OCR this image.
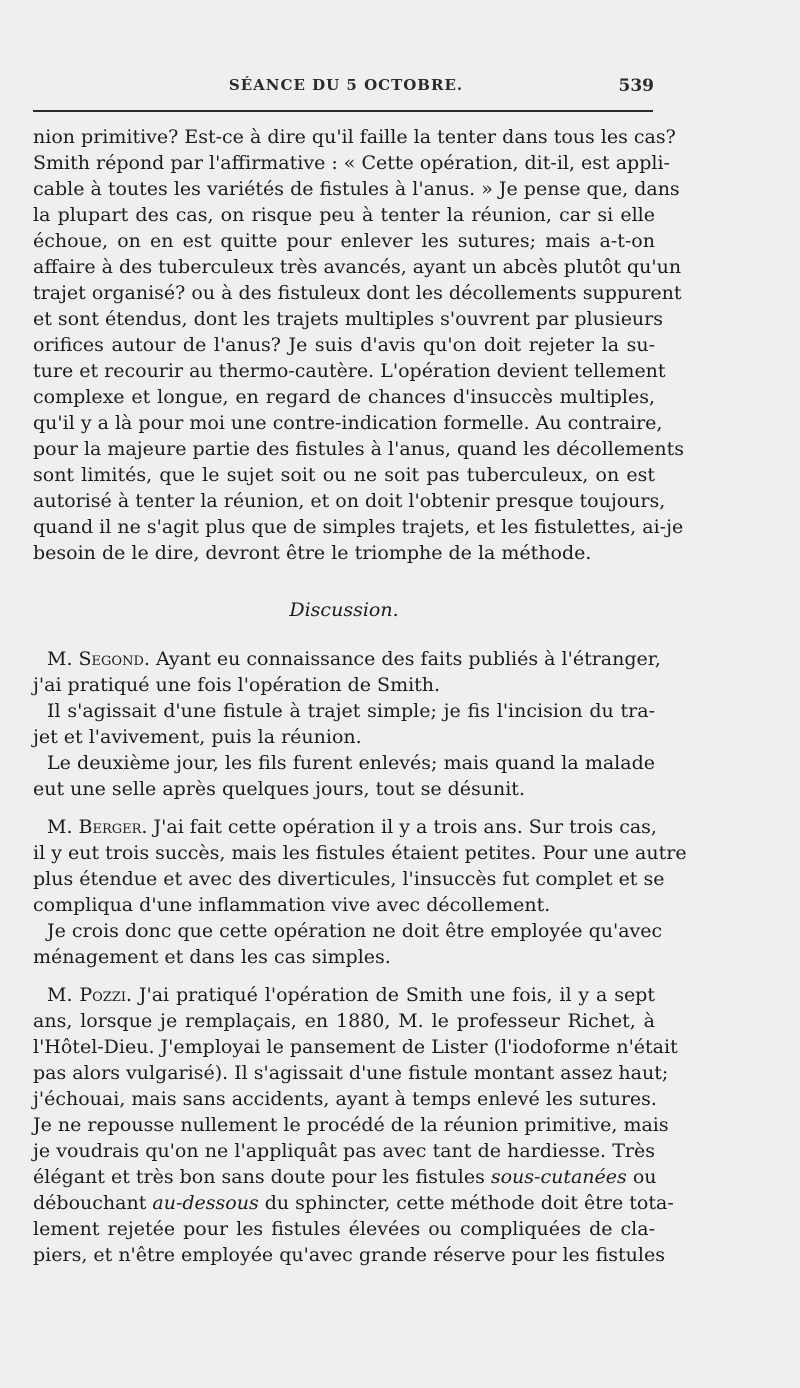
SÉANCE DU 5 OCTOBRE.	539
nion primitive? Est-ce à dire qu'il faille la tenter dans tous les cas?
Smith répond par l'affirmative : « Cette opération, dit-il, est appli-
cable à toutes les variétés de fistules à l'anus. » Je pense que, dans
la plupart des cas, on risque peu à tenter la réunion, car si elle
échoue, on en est quitte pour enlever les sutures; mais a-t-on
affaire à des tuberculeux très avancés, ayant un abcès plutôt qu'un
trajet organisé? ou à des fistuleux dont les décollements suppurent
et sont étendus, dont les trajets multiples s'ouvrent par plusieurs
orifices autour de l'anus? Je suis d'avis qu'on doit rejeter la su-
ture et recourir au thermo-cautère. L'opération devient tellement
complexe et longue, en regard de chances d'insuccès multiples,
qu'il y a là pour moi une contre-indication formelle. Au contraire,
pour la majeure partie des fistules à l'anus, quand les décollements
sont limités, que le sujet soit ou ne soit pas tuberculeux, on est
autorisé à tenter la réunion, et on doit l'obtenir presque toujours,
quand il ne s'agit plus que de simples trajets, et les fistulettes, ai-je
besoin de le dire, devront être le triomphe de la méthode.
Discussion.
M. Segond. Ayant eu connaissance des faits publiés à l'étranger,
j'ai pratiqué une fois l'opération de Smith.
Il s'agissait d'une fistule à trajet simple; je fis l'incision du tra-
jet et l'avivement, puis la réunion.
Le deuxième jour, les fils furent enlevés; mais quand la malade
eut une selle après quelques jours, tout se désunit.
M. Berger. J'ai fait cette opération il y a trois ans. Sur trois cas,
il y eut trois succès, mais les fistules étaient petites. Pour une autre
plus étendue et avec des diverticules, l'insuccès fut complet et se
compliqua d'une inflammation vive avec décollement.
Je crois donc que cette opération ne doit être employée qu'avec
ménagement et dans les cas simples.
M. Pozzi. J'ai pratiqué l'opération de Smith une fois, il y a sept
ans, lorsque je remplaçais, en 1880, M. le professeur Richet, à
l'Hôtel-Dieu. J'employai le pansement de Lister (l'iodoforme n'était
pas alors vulgarisé). Il s'agissait d'une fistule montant assez haut;
j'échouai, mais sans accidents, ayant à temps enlevé les sutures.
Je ne repousse nullement le procédé de la réunion primitive, mais
je voudrais qu'on ne l'appliquât pas avec tant de hardiesse. Très
élégant et très bon sans doute pour les fistules sous-cutanées ou
débouchant au-dessous du sphincter, cette méthode doit être tota-
lement rejetée pour les fistules élevées ou compliquées de cla-
piers, et n'être employée qu'avec grande réserve pour les fistules
